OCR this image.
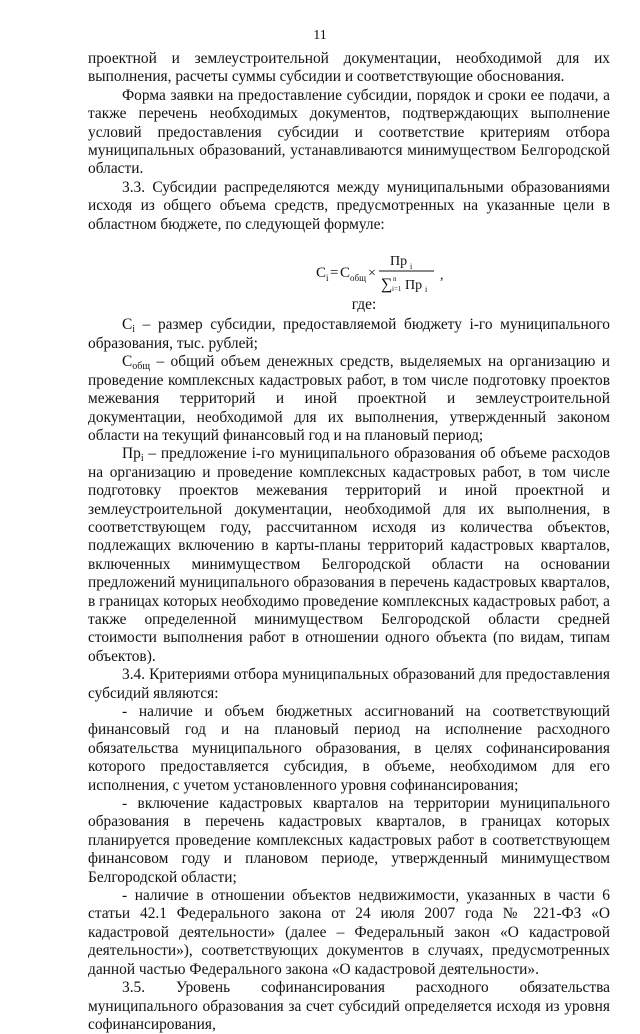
11

проектной и землеустроительной документации, необходимой для их выполнения, расчеты суммы субсидии и соответствующие обоснования.

Форма заявки на предоставление субсидии, порядок и сроки ее подачи, а также перечень необходимых документов, подтверждающих выполнение условий предоставления субсидии и соответствие критериям отбора муниципальных образований, устанавливаются минимуществом Белгородской области.

3.3. Субсидии распределяются между муниципальными образованиями исходя из общего объема средств, предусмотренных на указанные цели в областном бюджете, по следующей формуле:

C i = C общ ×
Пр i
∑ n
i=1 Пр i
,

где:

$C_i$ – размер субсидии, предоставляемой бюджету i-го муниципального образования, тыс. рублей;

$C_{общ}$ – общий объем денежных средств, выделяемых на организацию и проведение комплексных кадастровых работ, в том числе подготовку проектов межевания территорий и иной проектной и землеустроительной документации, необходимой для их выполнения, утвержденный законом области на текущий финансовый год и на плановый период;

$Пр_i$ – предложение i-го муниципального образования об объеме расходов на организацию и проведение комплексных кадастровых работ, в том числе подготовку проектов межевания территорий и иной проектной и землеустроительной документации, необходимой для их выполнения, в соответствующем году, рассчитанном исходя из количества объектов, подлежащих включению в карты-планы территорий кадастровых кварталов, включенных минимуществом Белгородской области на основании предложений муниципального образования в перечень кадастровых кварталов, в границах которых необходимо проведение комплексных кадастровых работ, а также определенной минимуществом Белгородской области средней стоимости выполнения работ в отношении одного объекта (по видам, типам объектов).

3.4. Критериями отбора муниципальных образований для предоставления субсидий являются:

- наличие и объем бюджетных ассигнований на соответствующий финансовый год и на плановый период на исполнение расходного обязательства муниципального образования, в целях софинансирования которого предоставляется субсидия, в объеме, необходимом для его исполнения, с учетом установленного уровня софинансирования;

- включение кадастровых кварталов на территории муниципального образования в перечень кадастровых кварталов, в границах которых планируется проведение комплексных кадастровых работ в соответствующем финансовом году и плановом периоде, утвержденный минимуществом Белгородской области;

- наличие в отношении объектов недвижимости, указанных в части 6 статьи 42.1 Федерального закона от 24 июля 2007 года № 221-ФЗ «О кадастровой деятельности» (далее – Федеральный закон «О кадастровой деятельности»), соответствующих документов в случаях, предусмотренных данной частью Федерального закона «О кадастровой деятельности».

3.5. Уровень софинансирования расходного обязательства муниципального образования за счет субсидий определяется исходя из уровня софинансирования,
